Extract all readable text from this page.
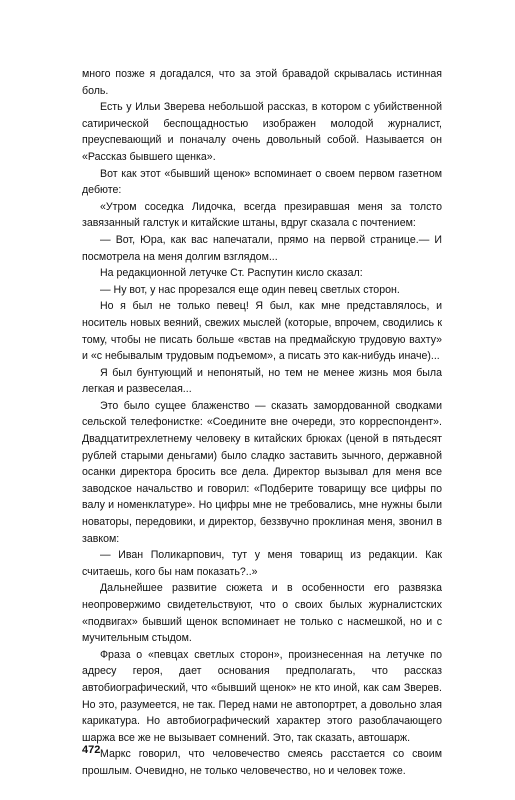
много позже я догадался, что за этой бравадой скрывалась истинная боль.

Есть у Ильи Зверева небольшой рассказ, в котором с убийственной сатирической беспощадностью изображен молодой журналист, преуспевающий и поначалу очень довольный собой. Называется он «Рассказ бывшего щенка».

Вот как этот «бывший щенок» вспоминает о своем первом газетном дебюте:

«Утром соседка Лидочка, всегда презиравшая меня за толсто завязанный галстук и китайские штаны, вдруг сказала с почтением:

— Вот, Юра, как вас напечатали, прямо на первой странице.— И посмотрела на меня долгим взглядом...

На редакционной летучке Ст. Распутин кисло сказал:

— Ну вот, у нас прорезался еще один певец светлых сторон.

Но я был не только певец! Я был, как мне представлялось, и носитель новых веяний, свежих мыслей (которые, впрочем, сводились к тому, чтобы не писать больше «встав на предмайскую трудовую вахту» и «с небывалым трудовым подъемом», а писать это как-нибудь иначе)...

Я был бунтующий и непонятый, но тем не менее жизнь моя была легкая и развеселая...

Это было сущее блаженство — сказать замордованной сводками сельской телефонистке: «Соедините вне очереди, это корреспондент». Двадцатитрехлетнему человеку в китайских брюках (ценой в пятьдесят рублей старыми деньгами) было сладко заставить зычного, державной осанки директора бросить все дела. Директор вызывал для меня все заводское начальство и говорил: «Подберите товарищу все цифры по валу и номенклатуре». Но цифры мне не требовались, мне нужны были новаторы, передовики, и директор, беззвучно проклиная меня, звонил в завком:

— Иван Поликарпович, тут у меня товарищ из редакции. Как считаешь, кого бы нам показать?..»

Дальнейшее развитие сюжета и в особенности его развязка неопровержимо свидетельствуют, что о своих былых журналистских «подвигах» бывший щенок вспоминает не только с насмешкой, но и с мучительным стыдом.

Фраза о «певцах светлых сторон», произнесенная на летучке по адресу героя, дает основания предполагать, что рассказ автобиографический, что «бывший щенок» не кто иной, как сам Зверев. Но это, разумеется, не так. Перед нами не автопортрет, а довольно злая карикатура. Но автобиографический характер этого разоблачающего шаржа все же не вызывает сомнений. Это, так сказать, автошарж.

Маркс говорил, что человечество смеясь расстается со своим прошлым. Очевидно, не только человечество, но и человек тоже.

472
